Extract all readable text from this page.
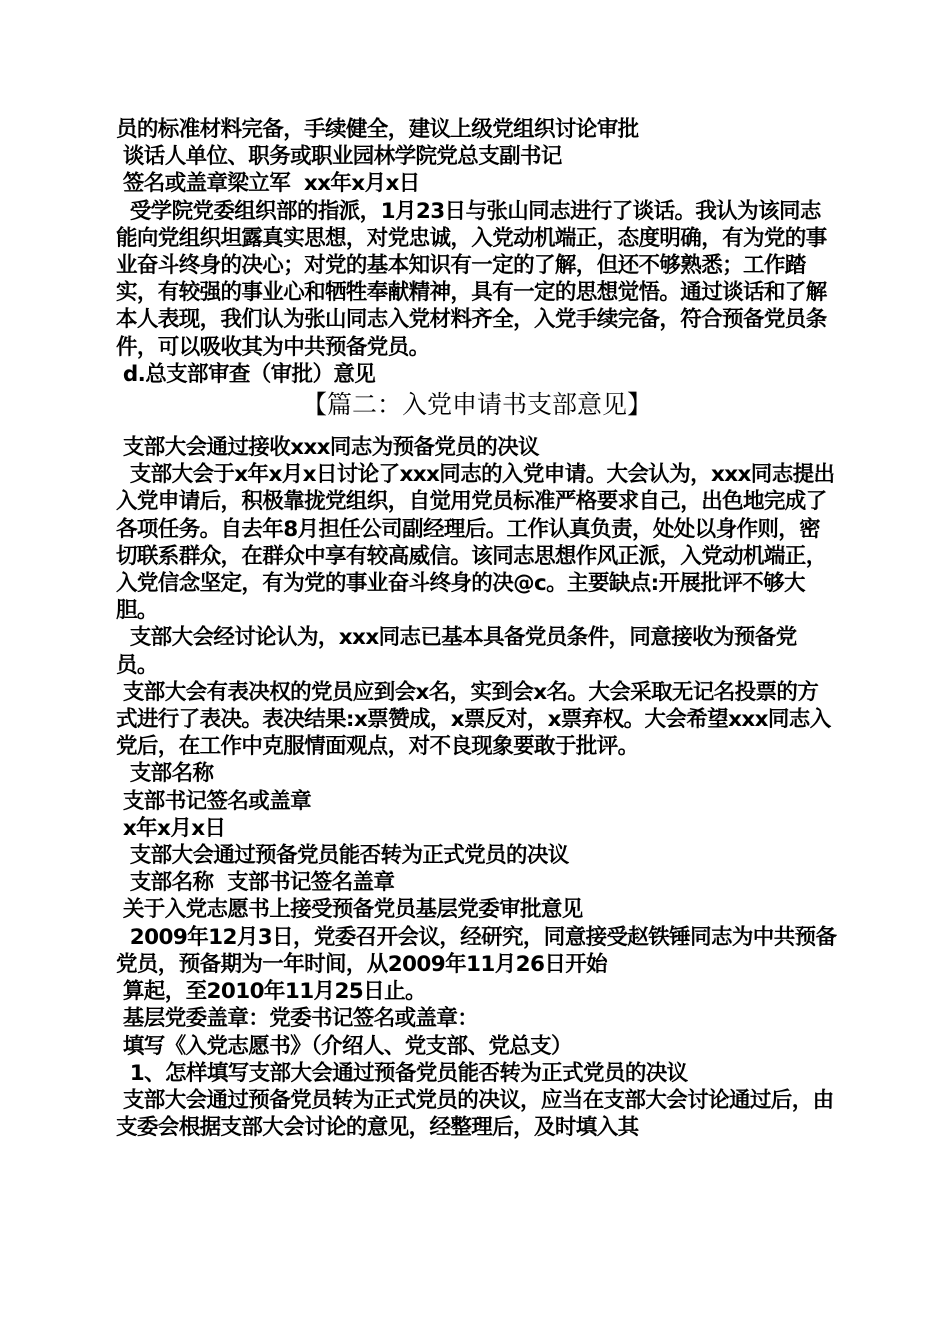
员的标准材料完备，手续健全，建议上级党组织讨论审批

谈话人单位、职务或职业园林学院党总支副书记

签名或盖章梁立军  xx年x月x日

受学院党委组织部的指派，1月23日与张山同志进行了谈话。我认为该同志能向党组织坦露真实思想，对党忠诚，入党动机端正，态度明确，有为党的事业奋斗终身的决心；对党的基本知识有一定的了解，但还不够熟悉；工作踏实，有较强的事业心和牺牲奉献精神，具有一定的思想觉悟。通过谈话和了解本人表现，我们认为张山同志入党材料齐全，入党手续完备，符合预备党员条件，可以吸收其为中共预备党员。

d.总支部审查（审批）意见

【篇二：入党申请书支部意见】

支部大会通过接收xxx同志为预备党员的决议

支部大会于x年x月x日讨论了xxx同志的入党申请。大会认为，xxx同志提出入党申请后，积极靠拢党组织，自觉用党员标准严格要求自己，出色地完成了各项任务。自去年8月担任公司副经理后。工作认真负责，处处以身作则，密切联系群众，在群众中享有较高威信。该同志思想作风正派，入党动机端正，入党信念坚定，有为党的事业奋斗终身的决@c。主要缺点:开展批评不够大胆。

支部大会经讨论认为，xxx同志已基本具备党员条件，同意接收为预备党员。

支部大会有表决权的党员应到会x名，实到会x名。大会采取无记名投票的方式进行了表决。表决结果:x票赞成，x票反对，x票弃权。大会希望xxx同志入党后，在工作中克服情面观点，对不良现象要敢于批评。

支部名称

支部书记签名或盖章

x年x月x日

支部大会通过预备党员能否转为正式党员的决议

支部名称  支部书记签名盖章

关于入党志愿书上接受预备党员基层党委审批意见

2009年12月3日，党委召开会议，经研究，同意接受赵铁锤同志为中共预备党员，预备期为一年时间，从2009年11月26日开始

算起，至2010年11月25日止。

基层党委盖章：党委书记签名或盖章：

填写《入党志愿书》（介绍人、党支部、党总支）

1、怎样填写支部大会通过预备党员能否转为正式党员的决议

支部大会通过预备党员转为正式党员的决议，应当在支部大会讨论通过后，由支委会根据支部大会讨论的意见，经整理后，及时填入其
